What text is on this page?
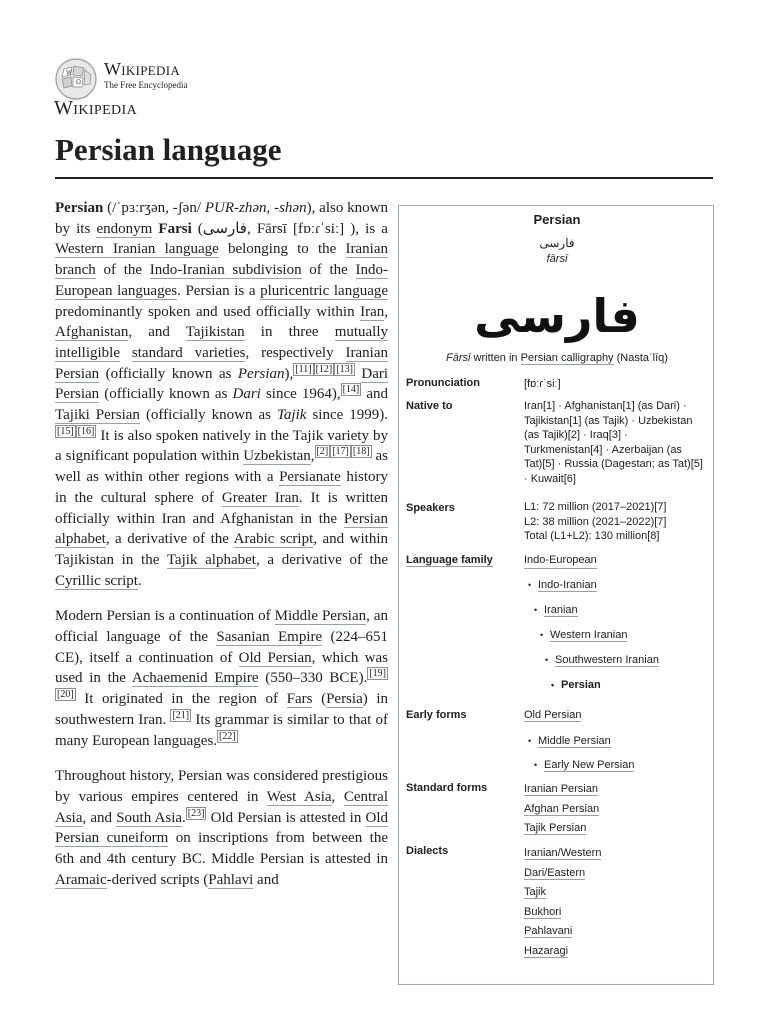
W
Ω
Wikipedia
The Free Encyclopedia
Wikipedia
Persian language

Persian (/ˈpɜːrʒən, -ʃən/ PUR-zhən, -shən), also known by its endonym Farsi (فارسی, Fārsī [fɒːɾˈsiː] ), is a Western Iranian language belonging to the Iranian branch of the Indo-Iranian subdivision of the Indo-European languages. Persian is a pluricentric language predominantly spoken and used officially within Iran, Afghanistan, and Tajikistan in three mutually intelligible standard varieties, respectively Iranian Persian (officially known as Persian), [11] [12] [13] Dari Persian (officially known as Dari since 1964), [14] and Tajiki Persian (officially known as Tajik since 1999).[15] [16] It is also spoken natively in the Tajik variety by a significant population within Uzbekistan, [2] [17] [18] as well as within other regions with a Persianate history in the cultural sphere of Greater Iran. It is written officially within Iran and Afghanistan in the Persian alphabet, a derivative of the Arabic script, and within Tajikistan in the Tajik alphabet, a derivative of the Cyrillic script.

Modern Persian is a continuation of Middle Persian, an official language of the Sasanian Empire (224–651 CE), itself a continuation of Old Persian, which was used in the Achaemenid Empire (550–330 BCE). [19][20] It originated in the region of Fars (Persia) in southwestern Iran. [21] Its grammar is similar to that of many European languages. [22]

Throughout history, Persian was considered prestigious by various empires centered in West Asia, Central Asia, and South Asia. [23] Old Persian is attested in Old Persian cuneiform on inscriptions from between the 6th and 4th century BC. Middle Persian is attested in Aramaic-derived scripts (Pahlavi and

Persian
فارسی
fārsī
فارسی
Fārsī written in Persian calligraphy (Nastaʿlīq)
Pronunciation	[fɒːɾˈsiː]
Native to	Iran[1] · Afghanistan[1] (as Dari) ·
Tajikistan[1] (as Tajik) · Uzbekistan
(as Tajik)[2] · Iraq[3] ·
Turkmenistan[4] · Azerbaijan (as
Tat)[5] · Russia (Dagestan; as Tat)[5]
· Kuwait[6]
Speakers	L1: 72 million (2017–2021)[7]
L2: 38 million (2021–2022)[7]
Total (L1+L2): 130 million[8]
Language family	Indo-European
• Indo-Iranian
• Iranian
• Western Iranian
• Southwestern Iranian
• Persian
Early forms	Old Persian
• Middle Persian
• Early New Persian
Standard forms	Iranian Persian
Afghan Persian
Tajik Persian
Dialects	Iranian/Western
Dari/Eastern
Tajik
Bukhori
Pahlavani
Hazaragi
